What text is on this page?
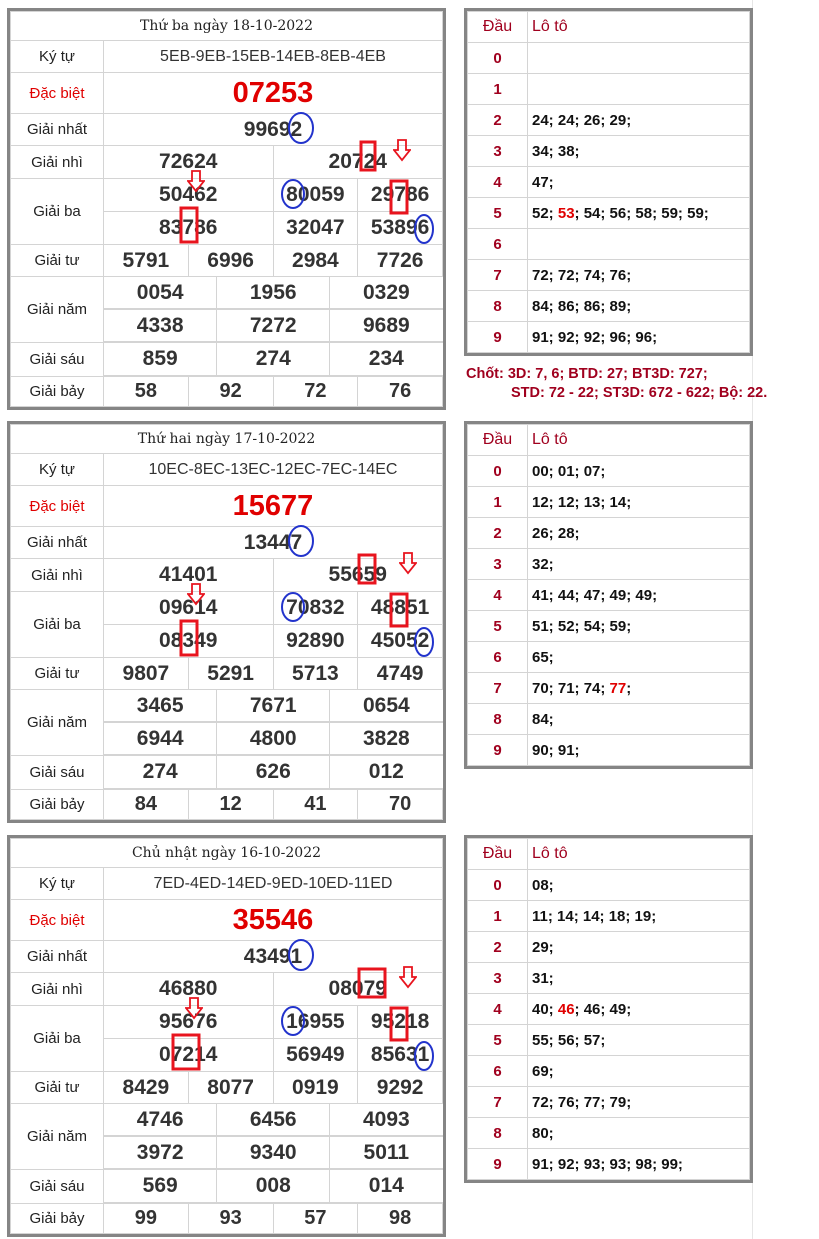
Thứ ba ngày 18-10-2022
Ký tự	5EB-9EB-15EB-14EB-8EB-4EB
Đặc biệt	07253
Giải nhất	99692

Giải nhì	72624	20724

Giải ba	50462	80059	29786

83786	32047	53896

Giải tư	5791	6996	2984	7726
Giải năm	
0054	1956	0329

4338	7272	9689

Giải sáu		859	274	234

Giải bảy	58	92	72	76
Đầu	Lô tô
0	
1	
2	24; 24; 26; 29;
3	34; 38;
4	47;
5	52; 53; 54; 56; 58; 59; 59;
6	
7	72; 72; 74; 76;
8	84; 86; 86; 89;
9	91; 92; 92; 96; 96;
Chốt: 3D: 7, 6; BTD: 27; BT3D: 727;
STD: 72 - 22; ST3D: 672 - 622; Bộ: 22.
Thứ hai ngày 17-10-2022
Ký tự	10EC-8EC-13EC-12EC-7EC-14EC
Đặc biệt	15677
Giải nhất	13447

Giải nhì	41401	55659

Giải ba	09614	70832	48851

08349	92890	45052

Giải tư	9807	5291	5713	4749
Giải năm	
3465	7671	0654

6944	4800	3828

Giải sáu		274	626	012

Giải bảy	84	12	41	70
Đầu	Lô tô
0	00; 01; 07;
1	12; 12; 13; 14;
2	26; 28;
3	32;
4	41; 44; 47; 49; 49;
5	51; 52; 54; 59;
6	65;
7	70; 71; 74; 77;
8	84;
9	90; 91;
Chủ nhật ngày 16-10-2022
Ký tự	7ED-4ED-14ED-9ED-10ED-11ED
Đặc biệt	35546
Giải nhất	43491

Giải nhì	46880	08079

Giải ba	95676	16955	95218

07214	56949	85631

Giải tư	8429	8077	0919	9292
Giải năm	
4746	6456	4093

3972	9340	5011

Giải sáu		569	008	014

Giải bảy	99	93	57	98
Đầu	Lô tô
0	08;
1	11; 14; 14; 18; 19;
2	29;
3	31;
4	40; 46; 46; 49;
5	55; 56; 57;
6	69;
7	72; 76; 77; 79;
8	80;
9	91; 92; 93; 93; 98; 99;
